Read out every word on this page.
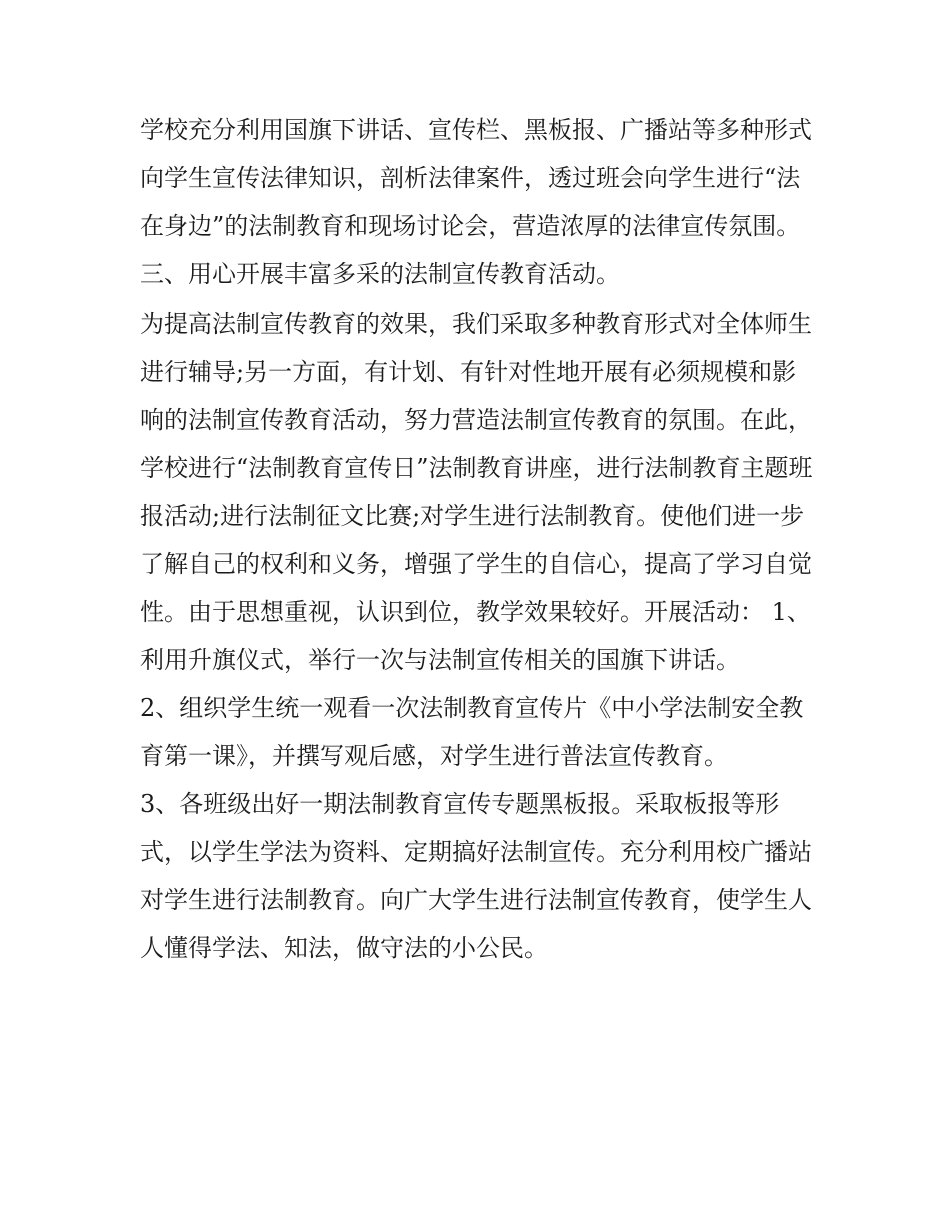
学校充分利用国旗下讲话、宣传栏、黑板报、广播站等多种形式向学生宣传法律知识，剖析法律案件，透过班会向学生进行“法在身边”的法制教育和现场讨论会，营造浓厚的法律宣传氛围。

三、用心开展丰富多采的法制宣传教育活动。

为提高法制宣传教育的效果，我们采取多种教育形式对全体师生进行辅导;另一方面，有计划、有针对性地开展有必须规模和影响的法制宣传教育活动，努力营造法制宣传教育的氛围。在此，学校进行“法制教育宣传日”法制教育讲座，进行法制教育主题班报活动;进行法制征文比赛;对学生进行法制教育。使他们进一步了解自己的权利和义务，增强了学生的自信心，提高了学习自觉性。由于思想重视，认识到位，教学效果较好。开展活动： 1、利用升旗仪式，举行一次与法制宣传相关的国旗下讲话。

2、组织学生统一观看一次法制教育宣传片《中小学法制安全教育第一课》，并撰写观后感，对学生进行普法宣传教育。

3、各班级出好一期法制教育宣传专题黑板报。采取板报等形式，以学生学法为资料、定期搞好法制宣传。充分利用校广播站对学生进行法制教育。向广大学生进行法制宣传教育，使学生人人懂得学法、知法，做守法的小公民。
